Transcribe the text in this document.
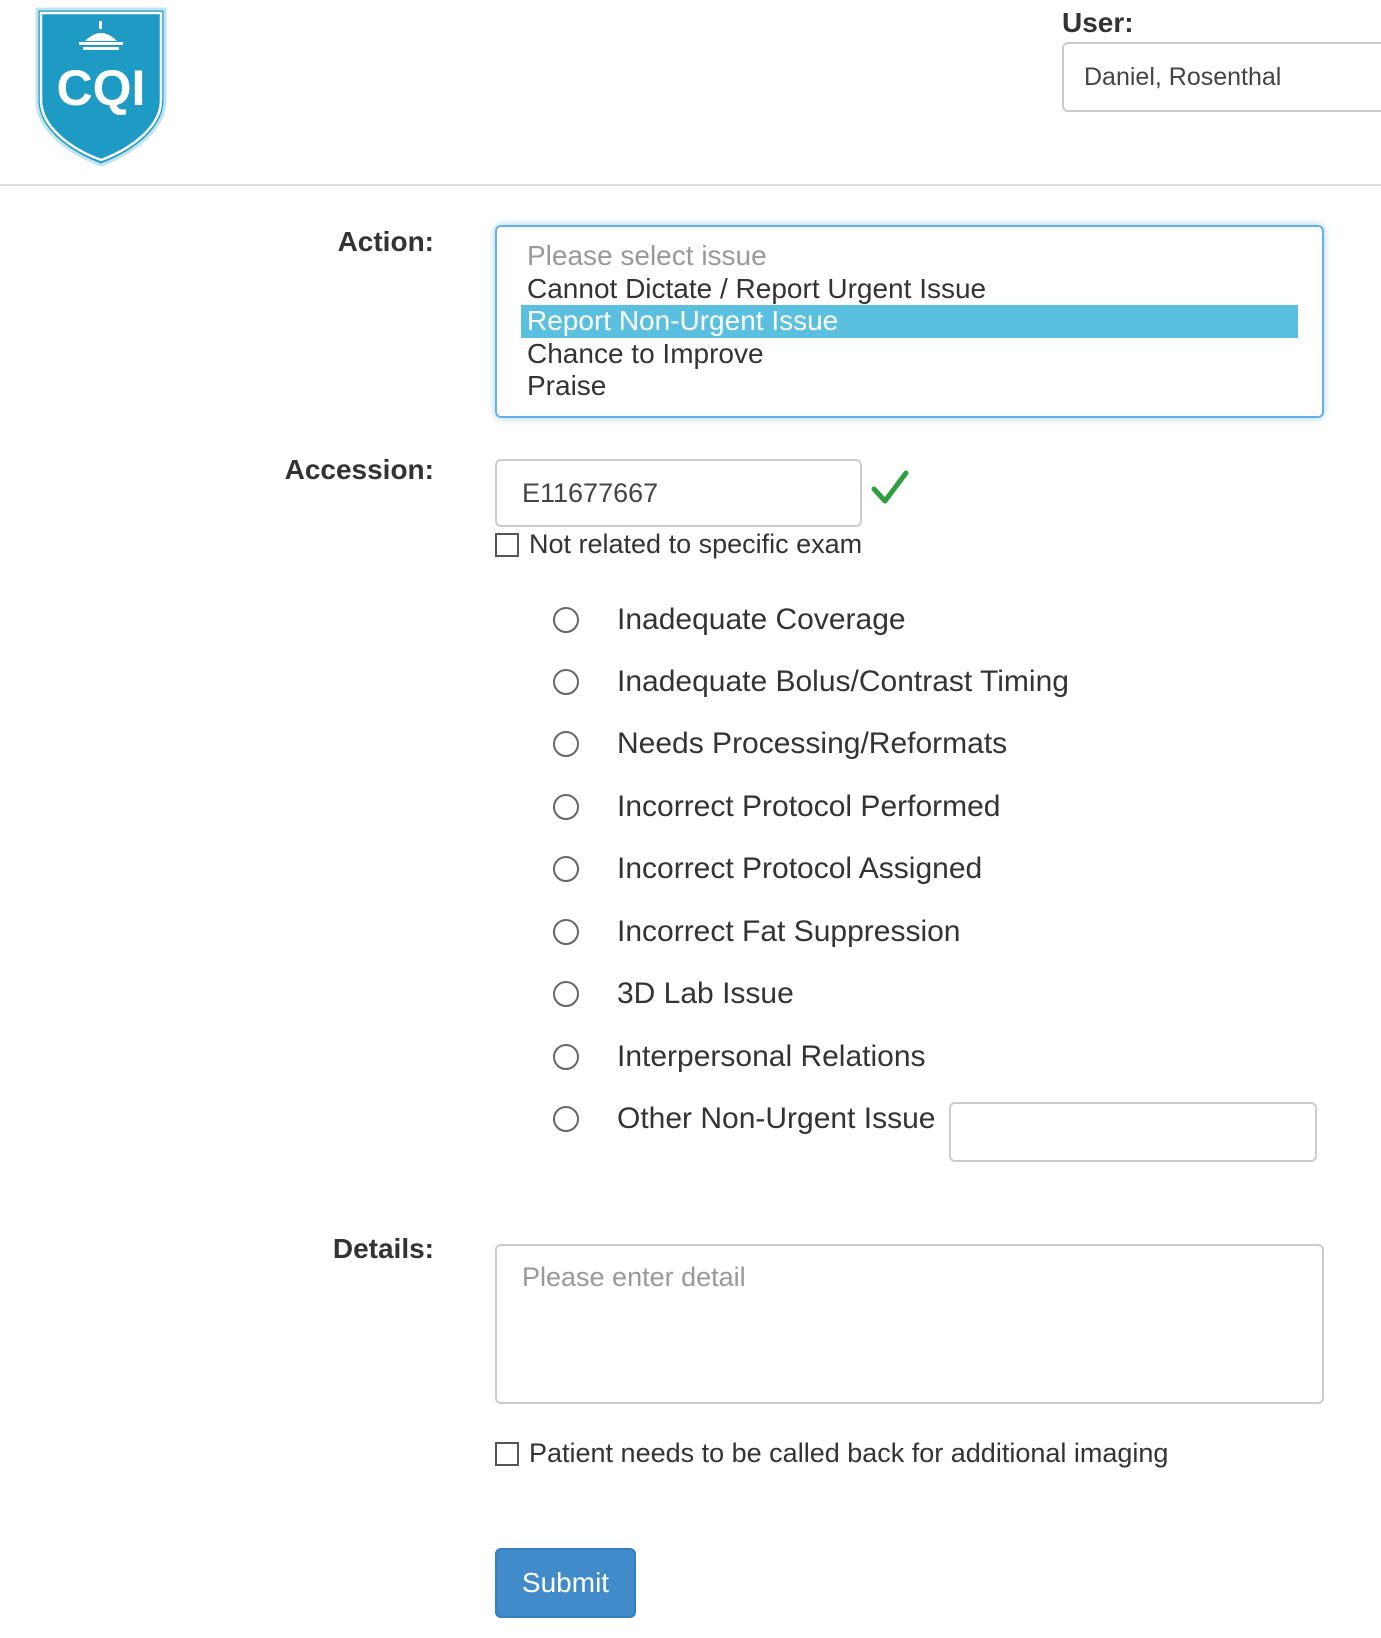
CQI
User:
Daniel, Rosenthal
Action:	Please select issue
Cannot Dictate / Report Urgent Issue
Report Non-Urgent Issue
Chance to Improve
Praise
Accession:
E11677667
Not related to specific exam
Inadequate Coverage
Inadequate Bolus/Contrast Timing
Needs Processing/Reformats
Incorrect Protocol Performed
Incorrect Protocol Assigned
Incorrect Fat Suppression
3D Lab Issue
Interpersonal Relations
Other Non-Urgent Issue
Details:
Please enter detail
Patient needs to be called back for additional imaging
Submit
